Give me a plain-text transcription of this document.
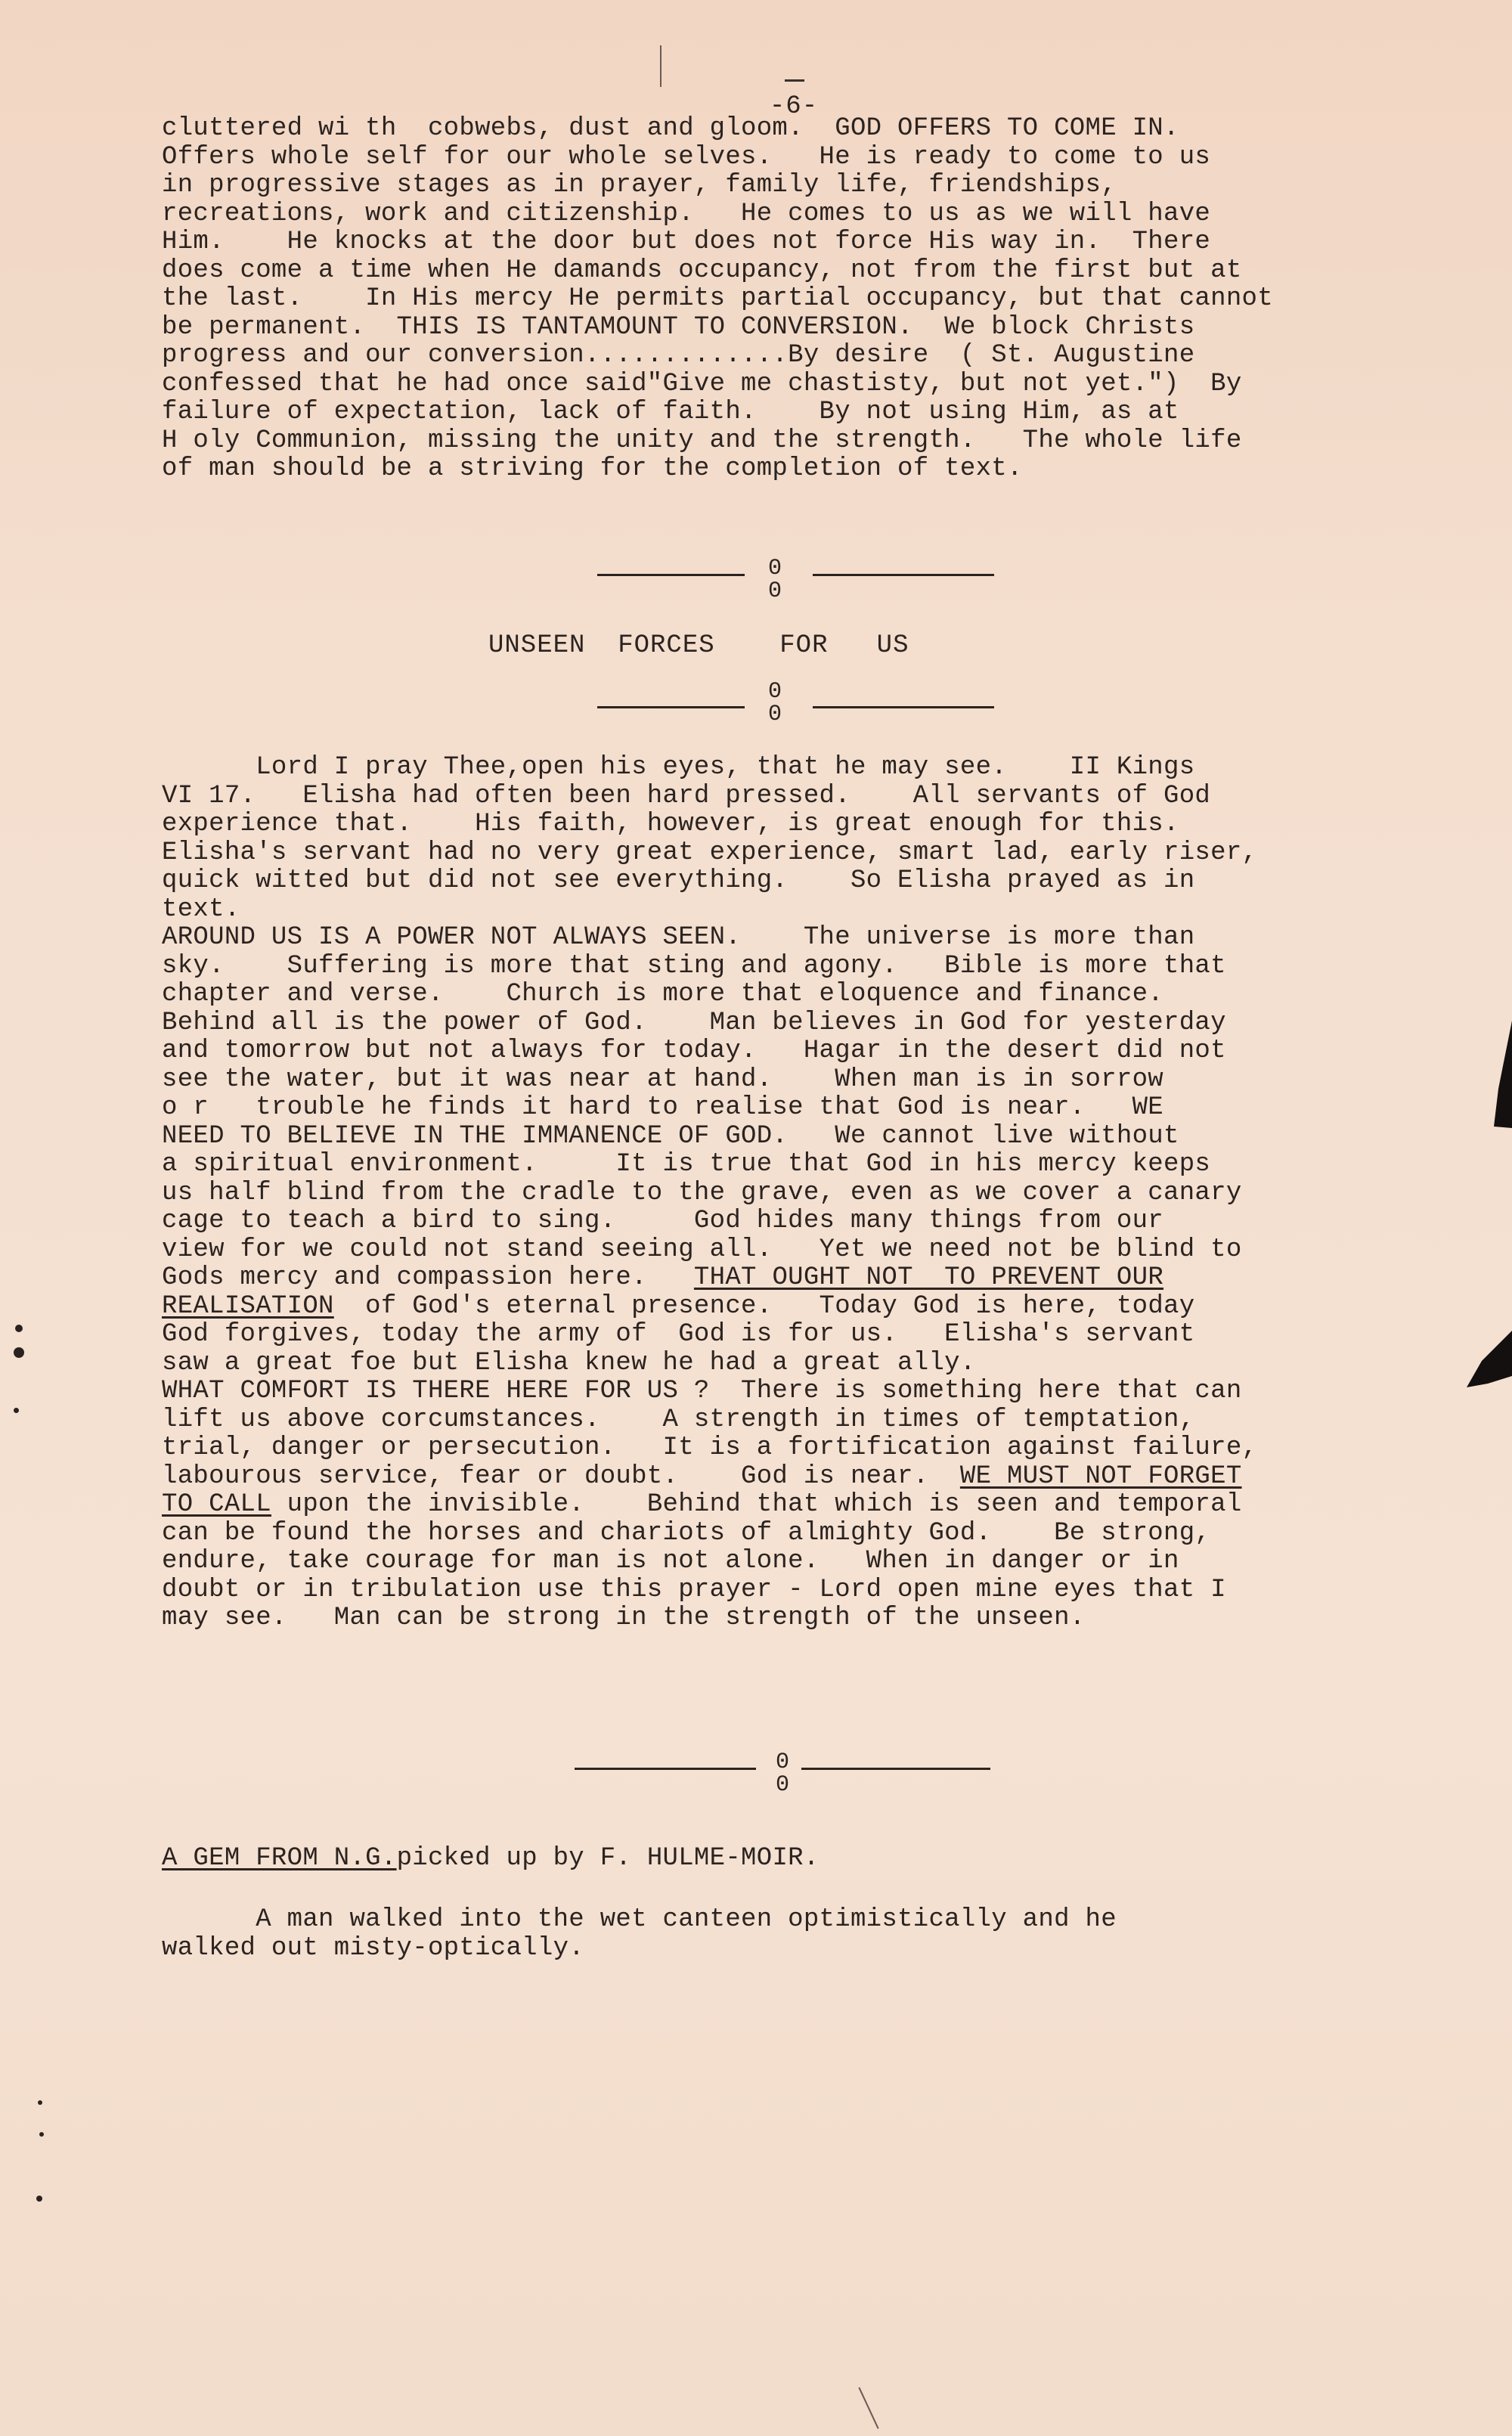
-6-
cluttered wi th  cobwebs, dust and gloom.  GOD OFFERS TO COME IN.
Offers whole self for our whole selves.   He is ready to come to us
in progressive stages as in prayer, family life, friendships,
recreations, work and citizenship.   He comes to us as we will have
Him.    He knocks at the door but does not force His way in.  There
does come a time when He damands occupancy, not from the first but at
the last.    In His mercy He permits partial occupancy, but that cannot
be permanent.  THIS IS TANTAMOUNT TO CONVERSION.  We block Christs
progress and our conversion.............By desire  ( St. Augustine
confessed that he had once said"Give me chastisty, but not yet.")  By
failure of expectation, lack of faith.    By not using Him, as at
H oly Communion, missing the unity and the strength.   The whole life
of man should be a striving for the completion of text.
0
0
UNSEEN  FORCES    FOR   US
0
0
Lord I pray Thee,open his eyes, that he may see.    II Kings
VI 17.   Elisha had often been hard pressed.    All servants of God
experience that.    His faith, however, is great enough for this.
Elisha's servant had no very great experience, smart lad, early riser,
quick witted but did not see everything.    So Elisha prayed as in
text.
AROUND US IS A POWER NOT ALWAYS SEEN.    The universe is more than
sky.    Suffering is more that sting and agony.   Bible is more that
chapter and verse.    Church is more that eloquence and finance.
Behind all is the power of God.    Man believes in God for yesterday
and tomorrow but not always for today.   Hagar in the desert did not
see the water, but it was near at hand.    When man is in sorrow
o r   trouble he finds it hard to realise that God is near.   WE
NEED TO BELIEVE IN THE IMMANENCE OF GOD.   We cannot live without
a spiritual environment.     It is true that God in his mercy keeps
us half blind from the cradle to the grave, even as we cover a canary
cage to teach a bird to sing.     God hides many things from our
view for we could not stand seeing all.   Yet we need not be blind to
Gods mercy and compassion here.   THAT OUGHT NOT  TO PREVENT OUR
REALISATION  of God's eternal presence.   Today God is here, today
God forgives, today the army of  God is for us.   Elisha's servant
saw a great foe but Elisha knew he had a great ally.
WHAT COMFORT IS THERE HERE FOR US ?  There is something here that can
lift us above corcumstances.    A strength in times of temptation,
trial, danger or persecution.   It is a fortification against failure,
labourous service, fear or doubt.    God is near.  WE MUST NOT FORGET
TO CALL upon the invisible.    Behind that which is seen and temporal
can be found the horses and chariots of almighty God.    Be strong,
endure, take courage for man is not alone.   When in danger or in
doubt or in tribulation use this prayer - Lord open mine eyes that I
may see.   Man can be strong in the strength of the unseen.
0
0
A GEM FROM N.G.picked up by F. HULME-MOIR.
A man walked into the wet canteen optimistically and he
walked out misty-optically.
